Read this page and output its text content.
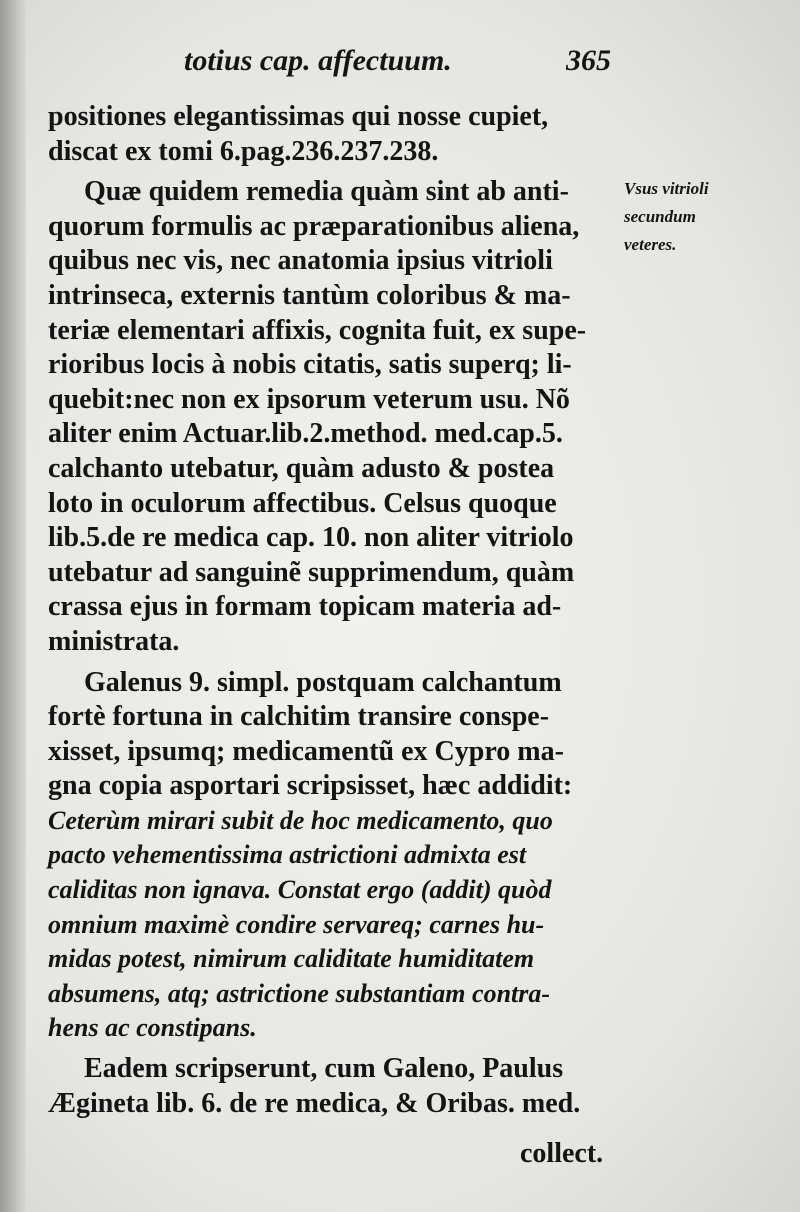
totius cap. affectuum.	365
positiones elegantissimas qui nosse cupiet,
discat ex tomi 6.pag.236.237.238.
Quæ quidem remedia quàm sint ab anti-
quorum formulis ac præparationibus aliena,
quibus nec vis, nec anatomia ipsius vitrioli
intrinseca, externis tantùm coloribus & ma-
teriæ elementari affixis, cognita fuit, ex supe-
rioribus locis à nobis citatis, satis superq; li-
quebit:nec non ex ipsorum veterum usu. Nõ
aliter enim Actuar.lib.2.method. med.cap.5.
calchanto utebatur, quàm adusto & postea
loto in oculorum affectibus. Celsus quoque
lib.5.de re medica cap. 10. non aliter vitriolo
utebatur ad sanguinẽ supprimendum, quàm
crassa ejus in formam topicam materia ad-
ministrata.
Galenus 9. simpl. postquam calchantum
fortè fortuna in calchitim transire conspe-
xisset, ipsumq; medicamentũ ex Cypro ma-
gna copia asportari scripsisset, hæc addidit:
Ceterùm mirari subit de hoc medicamento, quo
pacto vehementissima astrictioni admixta est
caliditas non ignava. Constat ergo (addit) quòd
omnium maximè condire servareq; carnes hu-
midas potest, nimirum caliditate humiditatem
absumens, atq; astrictione substantiam contra-
hens ac constipans.
Eadem scripserunt, cum Galeno, Paulus
Ægineta lib. 6. de re medica, & Oribas. med.
Vsus vitrioli
secundum
veteres.
collect.
